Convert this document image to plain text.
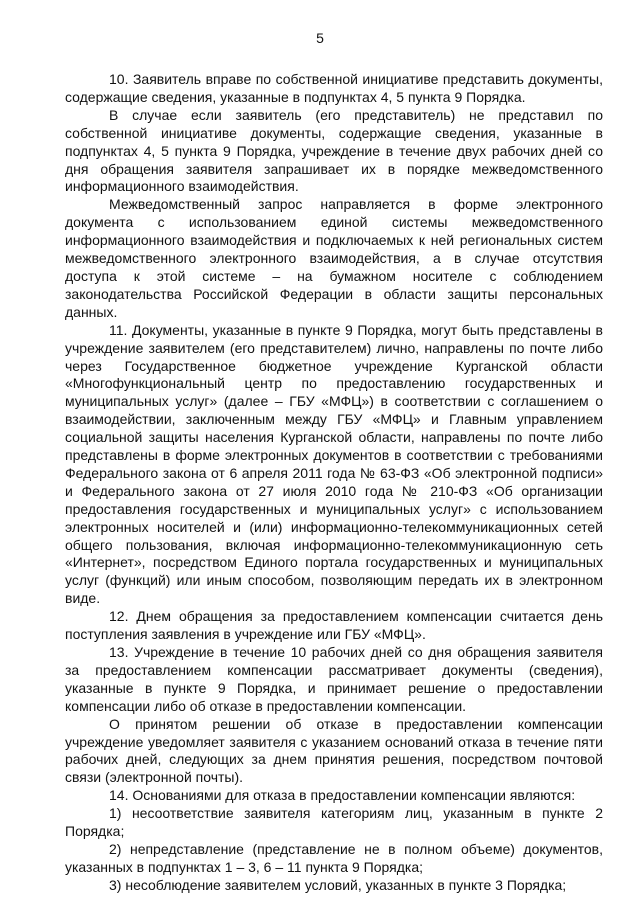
5

10. Заявитель вправе по собственной инициативе представить документы, содержащие сведения, указанные в подпунктах 4, 5 пункта 9 Порядка.

В случае если заявитель (его представитель) не представил по собственной инициативе документы, содержащие сведения, указанные в подпунктах 4, 5 пункта 9 Порядка, учреждение в течение двух рабочих дней со дня обращения заявителя запрашивает их в порядке межведомственного информационного взаимодействия.

Межведомственный запрос направляется в форме электронного документа с использованием единой системы межведомственного информационного взаимодействия и подключаемых к ней региональных систем межведомственного электронного взаимодействия, а в случае отсутствия доступа к этой системе – на бумажном носителе с соблюдением законодательства Российской Федерации в области защиты персональных данных.

11. Документы, указанные в пункте 9 Порядка, могут быть представлены в учреждение заявителем (его представителем) лично, направлены по почте либо через Государственное бюджетное учреждение Курганской области «Многофункциональный центр по предоставлению государственных и муниципальных услуг» (далее – ГБУ «МФЦ») в соответствии с соглашением о взаимодействии, заключенным между ГБУ «МФЦ» и Главным управлением социальной защиты населения Курганской области, направлены по почте либо представлены в форме электронных документов в соответствии с требованиями Федерального закона от 6 апреля 2011 года № 63-ФЗ «Об электронной подписи» и Федерального закона от 27 июля 2010 года № 210-ФЗ «Об организации предоставления государственных и муниципальных услуг» с использованием электронных носителей и (или) информационно-телекоммуникационных сетей общего пользования, включая информационно-телекоммуникационную сеть «Интернет», посредством Единого портала государственных и муниципальных услуг (функций) или иным способом, позволяющим передать их в электронном виде.

12. Днем обращения за предоставлением компенсации считается день поступления заявления в учреждение или ГБУ «МФЦ».

13. Учреждение в течение 10 рабочих дней со дня обращения заявителя за предоставлением компенсации рассматривает документы (сведения), указанные в пункте 9 Порядка, и принимает решение о предоставлении компенсации либо об отказе в предоставлении компенсации.

О принятом решении об отказе в предоставлении компенсации учреждение уведомляет заявителя с указанием оснований отказа в течение пяти рабочих дней, следующих за днем принятия решения, посредством почтовой связи (электронной почты).

14. Основаниями для отказа в предоставлении компенсации являются:

1) несоответствие заявителя категориям лиц, указанным в пункте 2 Порядка;

2) непредставление (представление не в полном объеме) документов, указанных в подпунктах 1 – 3, 6 – 11 пункта 9 Порядка;

3) несоблюдение заявителем условий, указанных в пункте 3 Порядка;
